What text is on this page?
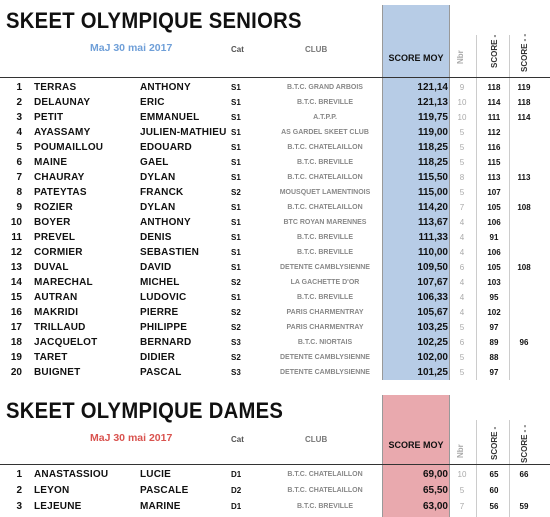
SCORE MOY
SKEET OLYMPIQUE SENIORS
MaJ 30 mai 2017	Cat	CLUB
Nbr	SCORE -	SCORE - -
1 TERRAS	ANTHONY	S1	B.T.C. GRAND ARBOIS	121,14	9	118	119
2 DELAUNAY	ERIC	S1	B.T.C. BREVILLE	121,13	10	114	118
3 PETIT	EMMANUEL	S1	A.T.P.P.	119,75	10	111	114
4 AYASSAMY	JULIEN-MATHIEU S1	AS GARDEL SKEET CLUB	119,00	5	112
5 POUMAILLOU	EDOUARD	S1	B.T.C. CHATELAILLON	118,25	5	116
6 MAINE	GAEL	S1	B.T.C. BREVILLE	118,25	5	115
7 CHAURAY	DYLAN	S1	B.T.C. CHATELAILLON	115,50	8	113	113
8 PATEYTAS	FRANCK	S2	MOUSQUET LAMENTINOIS	115,00	5	107
9 ROZIER	DYLAN	S1	B.T.C. CHATELAILLON	114,20	7	105	108
10 BOYER	ANTHONY	S1	BTC ROYAN MARENNES	113,67	4	106
11 PREVEL	DENIS	S1	B.T.C. BREVILLE	111,33	4	91
12 CORMIER	SEBASTIEN	S1	B.T.C. BREVILLE	110,00	4	106
13 DUVAL	DAVID	S1	DETENTE CAMBLYSIENNE	109,50	6	105	108
14 MARECHAL	MICHEL	S2	LA GACHETTE D'OR	107,67	4	103
15 AUTRAN	LUDOVIC	S1	B.T.C. BREVILLE	106,33	4	95
16 MAKRIDI	PIERRE	S2	PARIS CHARMENTRAY	105,67	4	102
17 TRILLAUD	PHILIPPE	S2	PARIS CHARMENTRAY	103,25	5	97
18 JACQUELOT	BERNARD	S3	B.T.C. NIORTAIS	102,25	6	89	96
19 TARET	DIDIER	S2	DETENTE CAMBLYSIENNE	102,00	5	88
20 BUIGNET	PASCAL	S3	DETENTE CAMBLYSIENNE	101,25	5	97
SCORE MOY
SKEET OLYMPIQUE DAMES
MaJ 30 mai 2017	Cat	CLUB
Nbr	SCORE -	SCORE - -
1 ANASTASSIOU	LUCIE	D1	B.T.C. CHATELAILLON	69,00	10	65	66
2 LEYON	PASCALE	D2	B.T.C. CHATELAILLON	65,50	5	60
3 LEJEUNE	MARINE	D1	B.T.C. BREVILLE	63,00	7	56	59
